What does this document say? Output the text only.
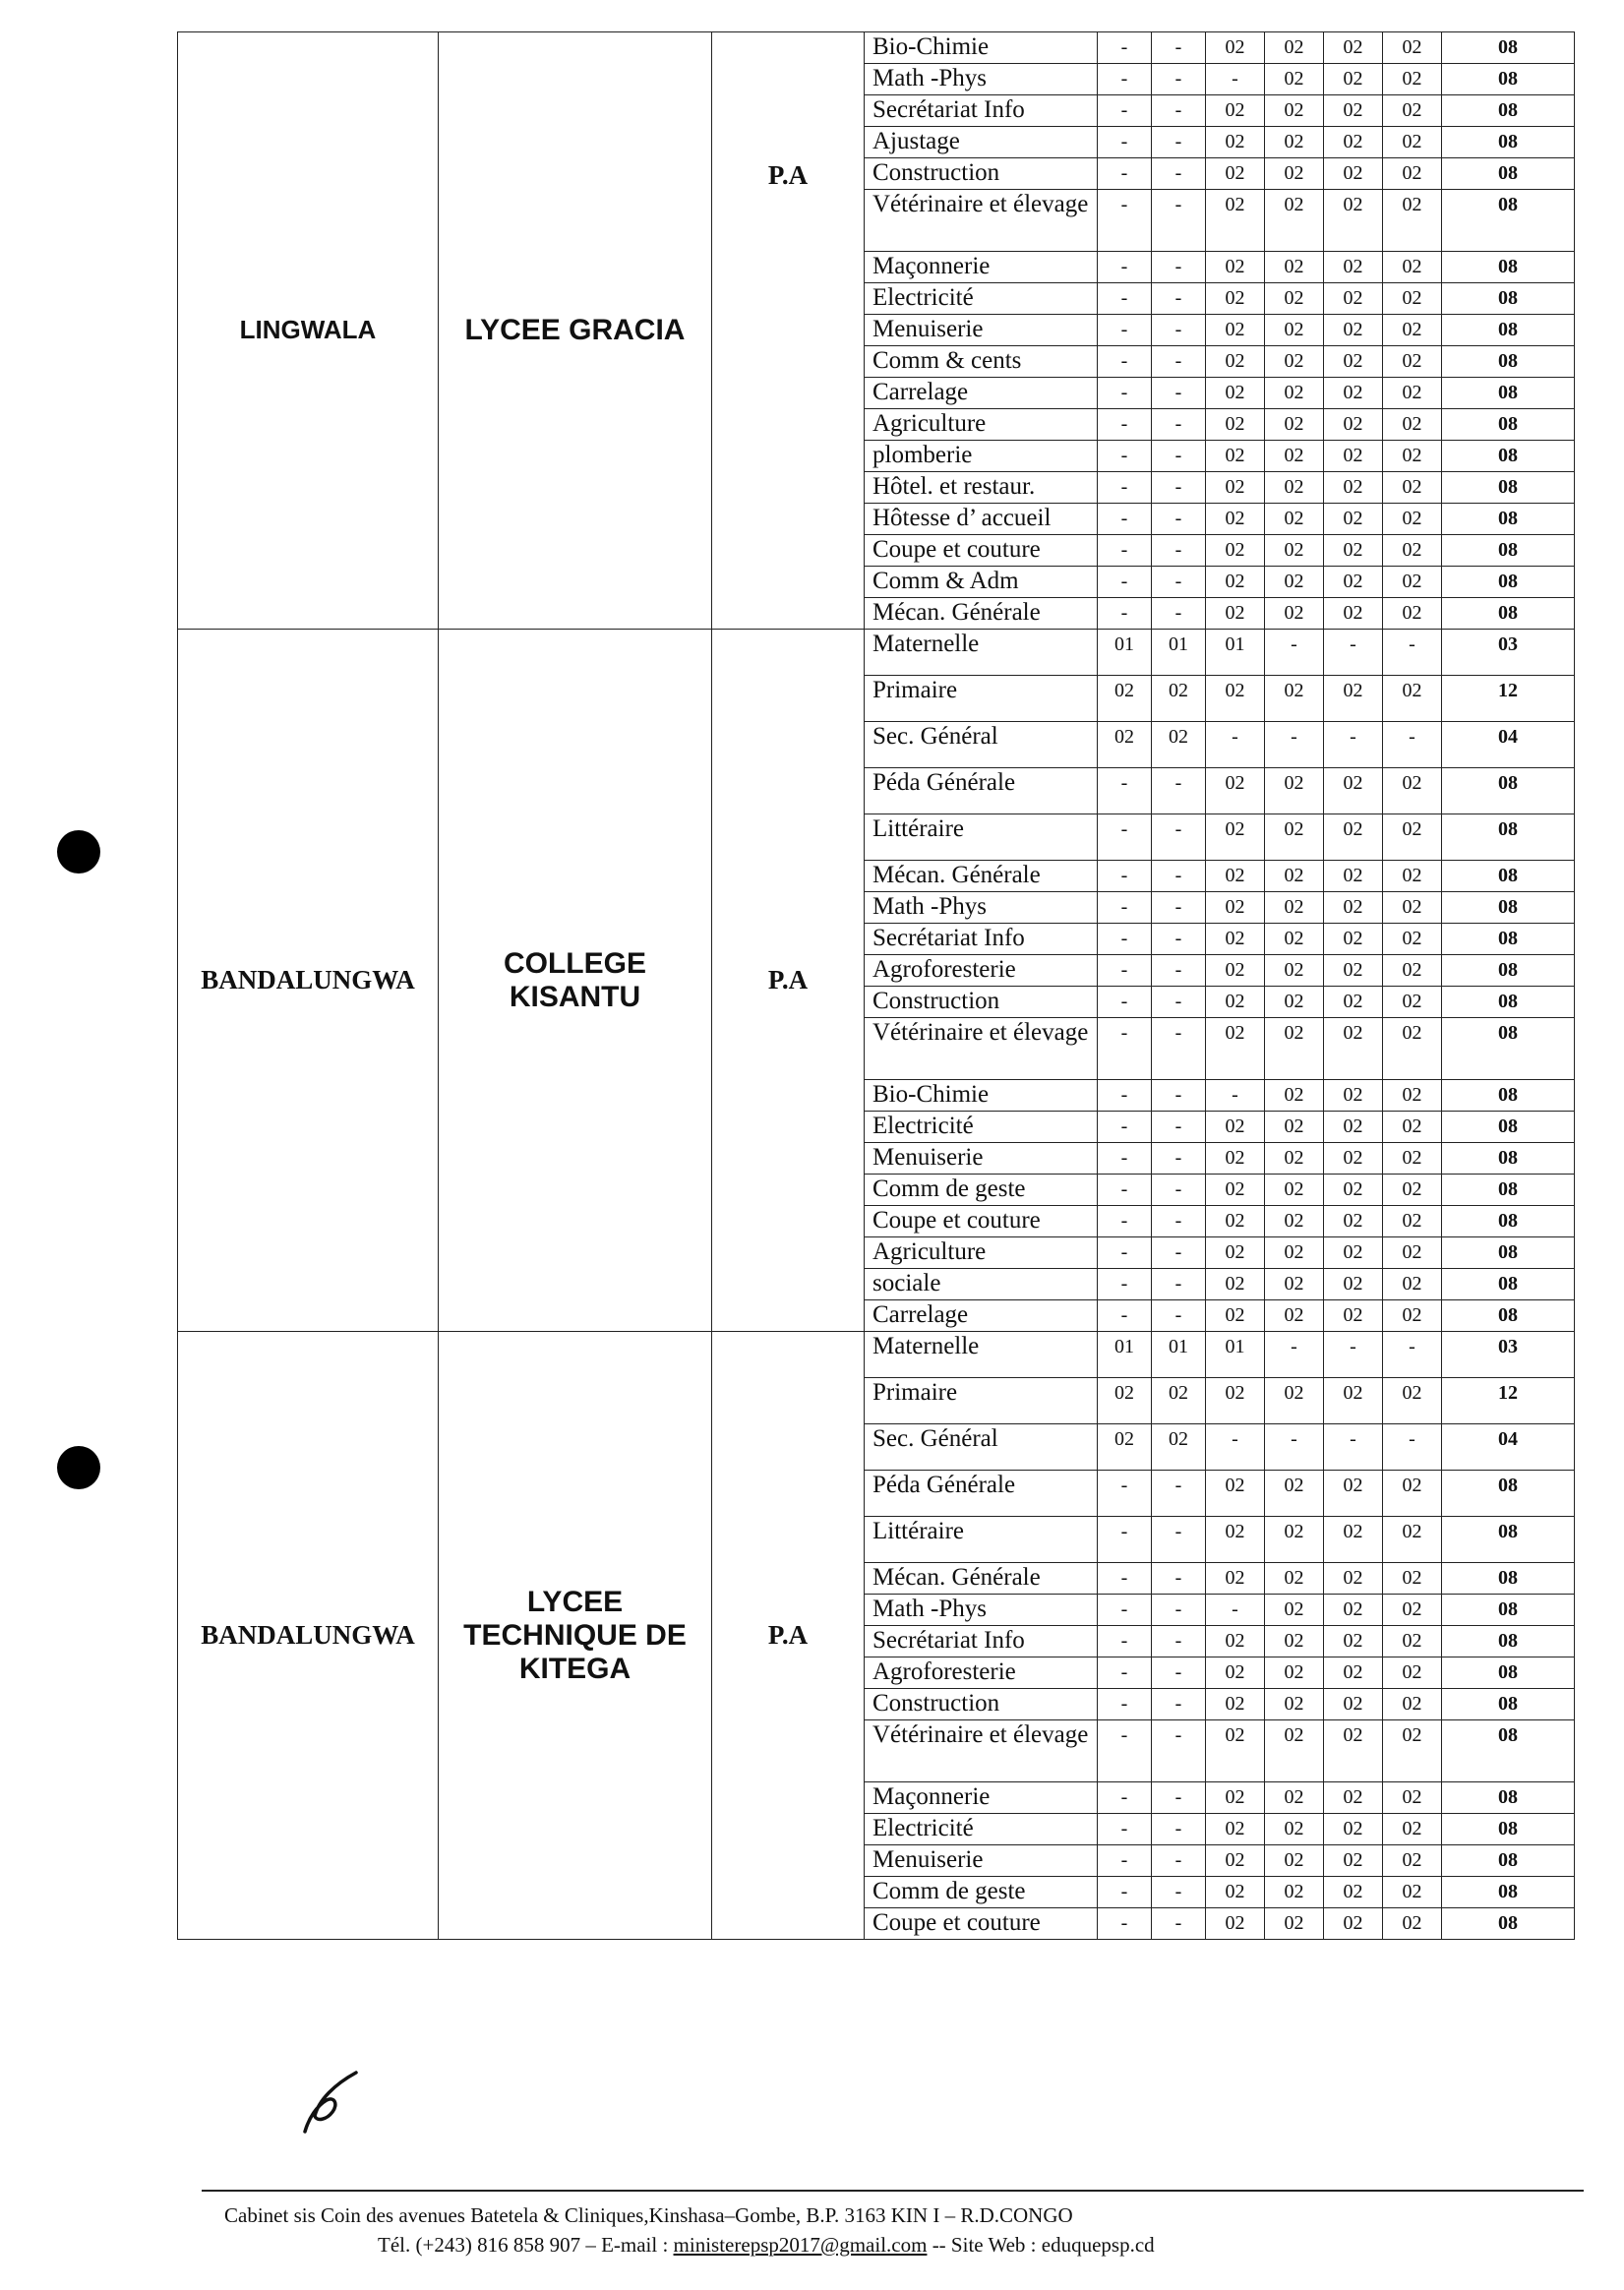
LINGWALA	LYCEE GRACIA	P.A	Bio-Chimie	-	-	02	02	02	02	08
			Math -Phys	-	-	-	02	02	02	08
			Secrétariat Info	-	-	02	02	02	02	08
			Ajustage	-	-	02	02	02	02	08
			Construction	-	-	02	02	02	02	08
			Vétérinaire et élevage	-	-	02	02	02	02	08
			Maçonnerie	-	-	02	02	02	02	08
			Electricité	-	-	02	02	02	02	08
			Menuiserie	-	-	02	02	02	02	08
			Comm & cents	-	-	02	02	02	02	08
			Carrelage	-	-	02	02	02	02	08
			Agriculture	-	-	02	02	02	02	08
			plomberie	-	-	02	02	02	02	08
			Hôtel. et restaur.	-	-	02	02	02	02	08
			Hôtesse d’ accueil	-	-	02	02	02	02	08
			Coupe et couture	-	-	02	02	02	02	08
			Comm & Adm	-	-	02	02	02	02	08
			Mécan. Générale	-	-	02	02	02	02	08
BANDALUNGWA	COLLEGE KISANTU	P.A	Maternelle	01	01	01	-	-	-	03
			Primaire	02	02	02	02	02	02	12
			Sec. Général	02	02	-	-	-	-	04
			Péda Générale	-	-	02	02	02	02	08
			Littéraire	-	-	02	02	02	02	08
			Mécan. Générale	-	-	02	02	02	02	08
			Math -Phys	-	-	02	02	02	02	08
			Secrétariat Info	-	-	02	02	02	02	08
			Agroforesterie	-	-	02	02	02	02	08
			Construction	-	-	02	02	02	02	08
			Vétérinaire et élevage	-	-	02	02	02	02	08
			Bio-Chimie	-	-	-	02	02	02	08
			Electricité	-	-	02	02	02	02	08
			Menuiserie	-	-	02	02	02	02	08
			Comm de geste	-	-	02	02	02	02	08
			Coupe et couture	-	-	02	02	02	02	08
			Agriculture	-	-	02	02	02	02	08
			sociale	-	-	02	02	02	02	08
			Carrelage	-	-	02	02	02	02	08
BANDALUNGWA	LYCEE TECHNIQUE DE KITEGA	P.A	Maternelle	01	01	01	-	-	-	03
			Primaire	02	02	02	02	02	02	12
			Sec. Général	02	02	-	-	-	-	04
			Péda Générale	-	-	02	02	02	02	08
			Littéraire	-	-	02	02	02	02	08
			Mécan. Générale	-	-	02	02	02	02	08
			Math -Phys	-	-	-	02	02	02	08
			Secrétariat Info	-	-	02	02	02	02	08
			Agroforesterie	-	-	02	02	02	02	08
			Construction	-	-	02	02	02	02	08
			Vétérinaire et élevage	-	-	02	02	02	02	08
			Maçonnerie	-	-	02	02	02	02	08
			Electricité	-	-	02	02	02	02	08
			Menuiserie	-	-	02	02	02	02	08
			Comm de geste	-	-	02	02	02	02	08
			Coupe et couture	-	-	02	02	02	02	08
Cabinet sis Coin des avenues Batetela & Cliniques,Kinshasa–Gombe, B.P. 3163 KIN I – R.D.CONGO
Tél. (+243) 816 858 907 – E-mail : ministerepsp2017@gmail.com -- Site Web : eduquepsp.cd
